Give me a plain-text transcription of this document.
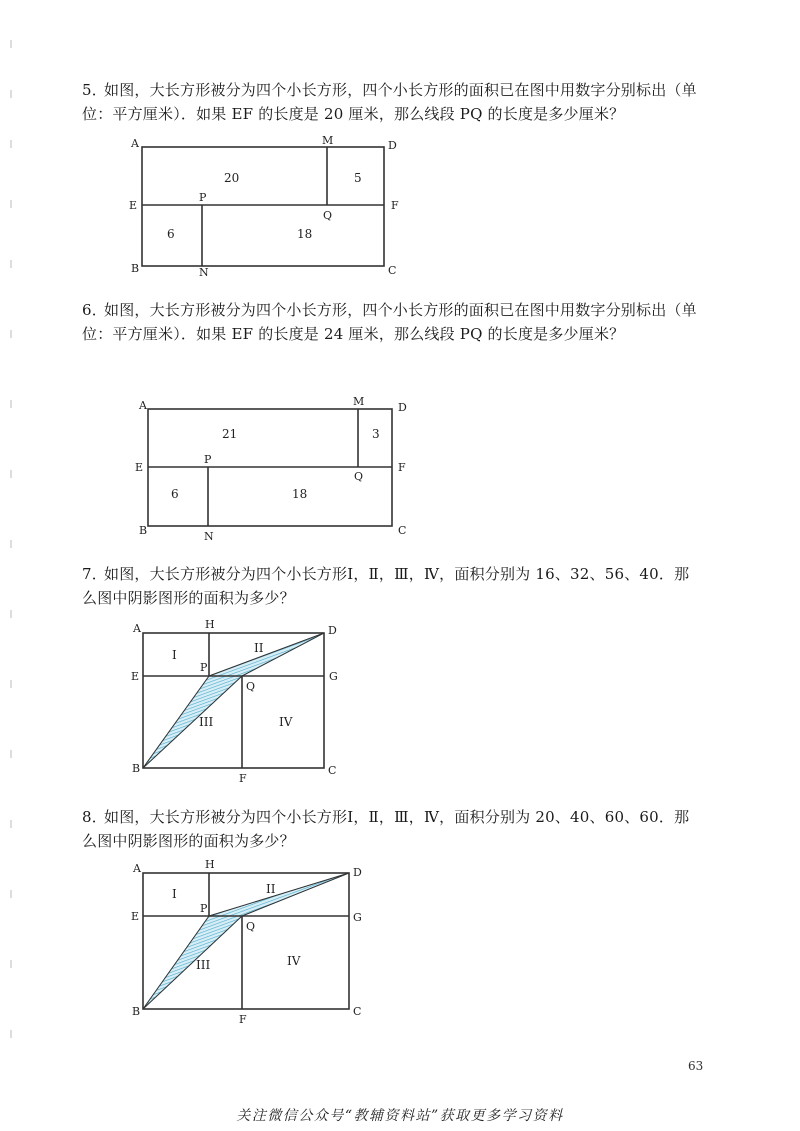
5．如图，大长方形被分为四个小长方形，四个小长方形的面积已在图中用数字分别标出（单
位：平方厘米）．如果 EF 的长度是 20 厘米，那么线段 PQ 的长度是多少厘米？
A	M	D
E
P
F
Q
B	N	C
20	5
6	18
6．如图，大长方形被分为四个小长方形，四个小长方形的面积已在图中用数字分别标出（单
位：平方厘米）．如果 EF 的长度是 24 厘米，那么线段 PQ 的长度是多少厘米？
A	M	D
E
P
F
Q
B	N	C
21	3
6	18
7．如图，大长方形被分为四个小长方形Ⅰ，Ⅱ，Ⅲ，Ⅳ，面积分别为 16、32、56、40．那
么图中阴影图形的面积为多少？
A	H	D
E
P
G
Q
B
F
C
I	II
III	IV
8．如图，大长方形被分为四个小长方形Ⅰ，Ⅱ，Ⅲ，Ⅳ，面积分别为 20、40、60、60．那
么图中阴影图形的面积为多少？
A	H
D
E
P
G
Q
B
F
C
I	II
III	IV
63
关注微信公众号“教辅资料站”获取更多学习资料
